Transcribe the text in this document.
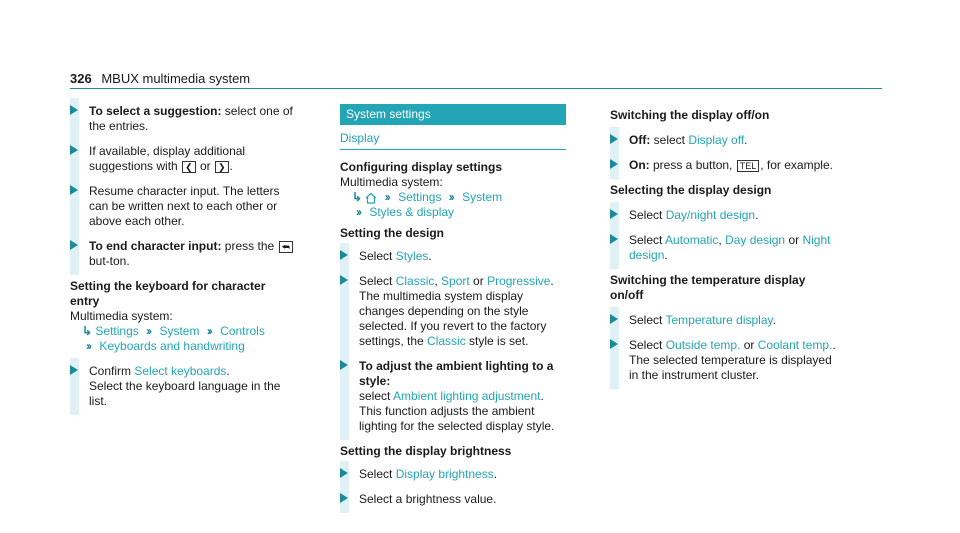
326 MBUX multimedia system
To select a suggestion: select one of the entries.
If available, display additional suggestions with ❮ or ❯ .
Resume character input. The letters can be written next to each other or above each other.
To end character input: press the ⮪ but-ton.
Setting the keyboard for character entry
Multimedia system:
↳ Settings ›› System ›› Controls
›› Keyboards and handwriting
Confirm Select keyboards.
Select the keyboard language in the list.
System settings
Display
Configuring display settings
Multimedia system:
↳ ›› Settings ›› System
›› Styles & display
Setting the design
Select Styles.
Select Classic, Sport or Progressive.
The multimedia system display changes depending on the style selected. If you revert to the factory settings, the Classic style is set.
To adjust the ambient lighting to a style:
select Ambient lighting adjustment.
This function adjusts the ambient lighting for the selected display style.
Setting the display brightness
Select Display brightness.
Select a brightness value.
Switching the display off/on
Off: select Display off.
On: press a button, TEL , for example.
Selecting the display design
Select Day/night design.
Select Automatic, Day design or Night design.
Switching the temperature display on/off
Select Temperature display.
Select Outside temp. or Coolant temp..
The selected temperature is displayed in the instrument cluster.
